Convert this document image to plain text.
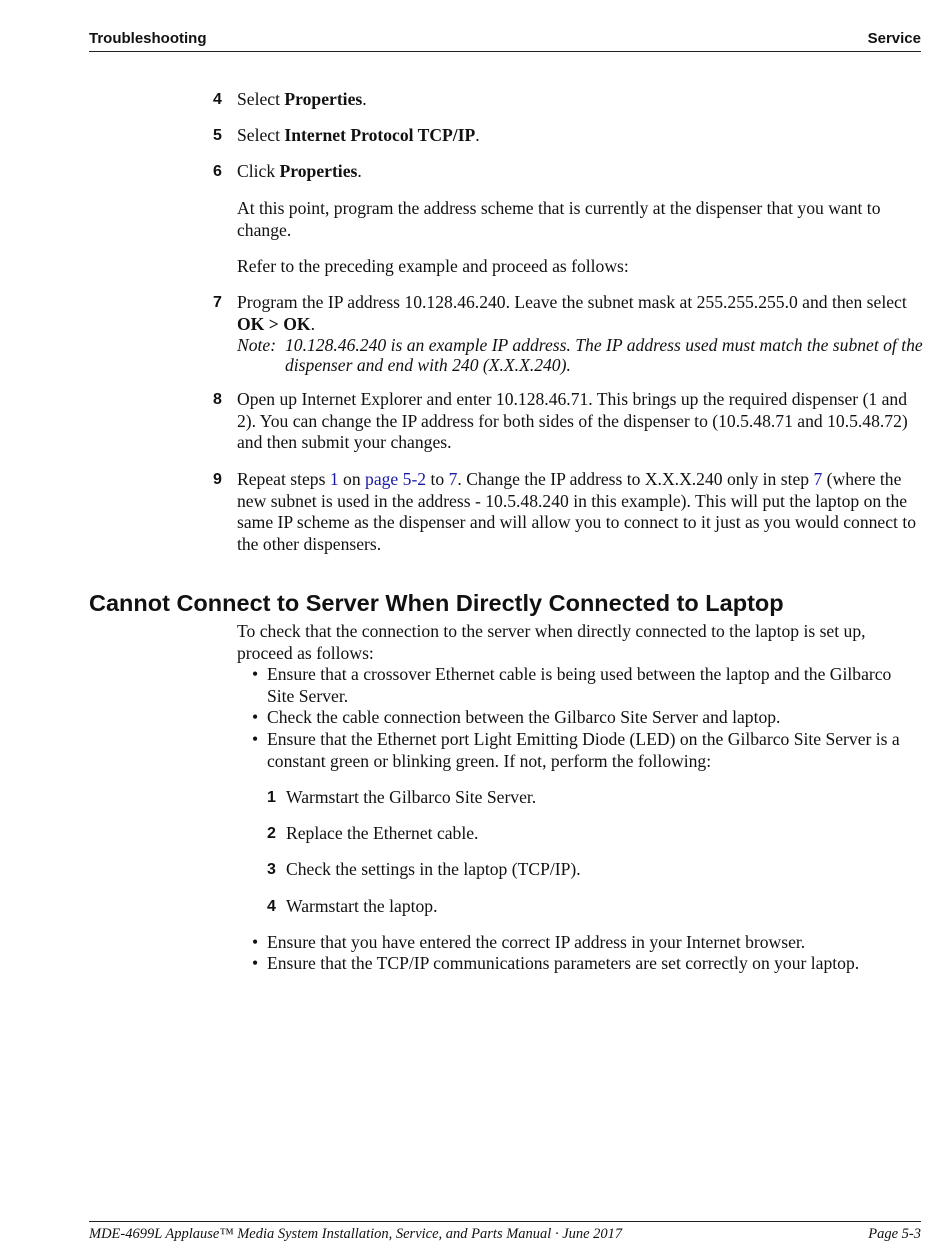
Troubleshooting	Service
4 Select Properties.
5 Select Internet Protocol TCP/IP.
6 Click Properties.
At this point, program the address scheme that is currently at the dispenser that you want to change.
Refer to the preceding example and proceed as follows:
7 Program the IP address 10.128.46.240. Leave the subnet mask at 255.255.255.0 and then select OK > OK.
Note: 10.128.46.240 is an example IP address. The IP address used must match the subnet of the dispenser and end with 240 (X.X.X.240).
8 Open up Internet Explorer and enter 10.128.46.71. This brings up the required dispenser (1 and 2). You can change the IP address for both sides of the dispenser to (10.5.48.71 and 10.5.48.72) and then submit your changes.
9 Repeat steps 1 on page 5-2 to 7. Change the IP address to X.X.X.240 only in step 7 (where the new subnet is used in the address - 10.5.48.240 in this example). This will put the laptop on the same IP scheme as the dispenser and will allow you to connect to it just as you would connect to the other dispensers.
Cannot Connect to Server When Directly Connected to Laptop
To check that the connection to the server when directly connected to the laptop is set up, proceed as follows:
• Ensure that a crossover Ethernet cable is being used between the laptop and the Gilbarco Site Server.
• Check the cable connection between the Gilbarco Site Server and laptop.
• Ensure that the Ethernet port Light Emitting Diode (LED) on the Gilbarco Site Server is a constant green or blinking green. If not, perform the following:
1 Warmstart the Gilbarco Site Server.
2 Replace the Ethernet cable.
3 Check the settings in the laptop (TCP/IP).
4 Warmstart the laptop.
• Ensure that you have entered the correct IP address in your Internet browser.
• Ensure that the TCP/IP communications parameters are set correctly on your laptop.
MDE-4699L Applause™ Media System Installation, Service, and Parts Manual · June 2017	Page 5-3
